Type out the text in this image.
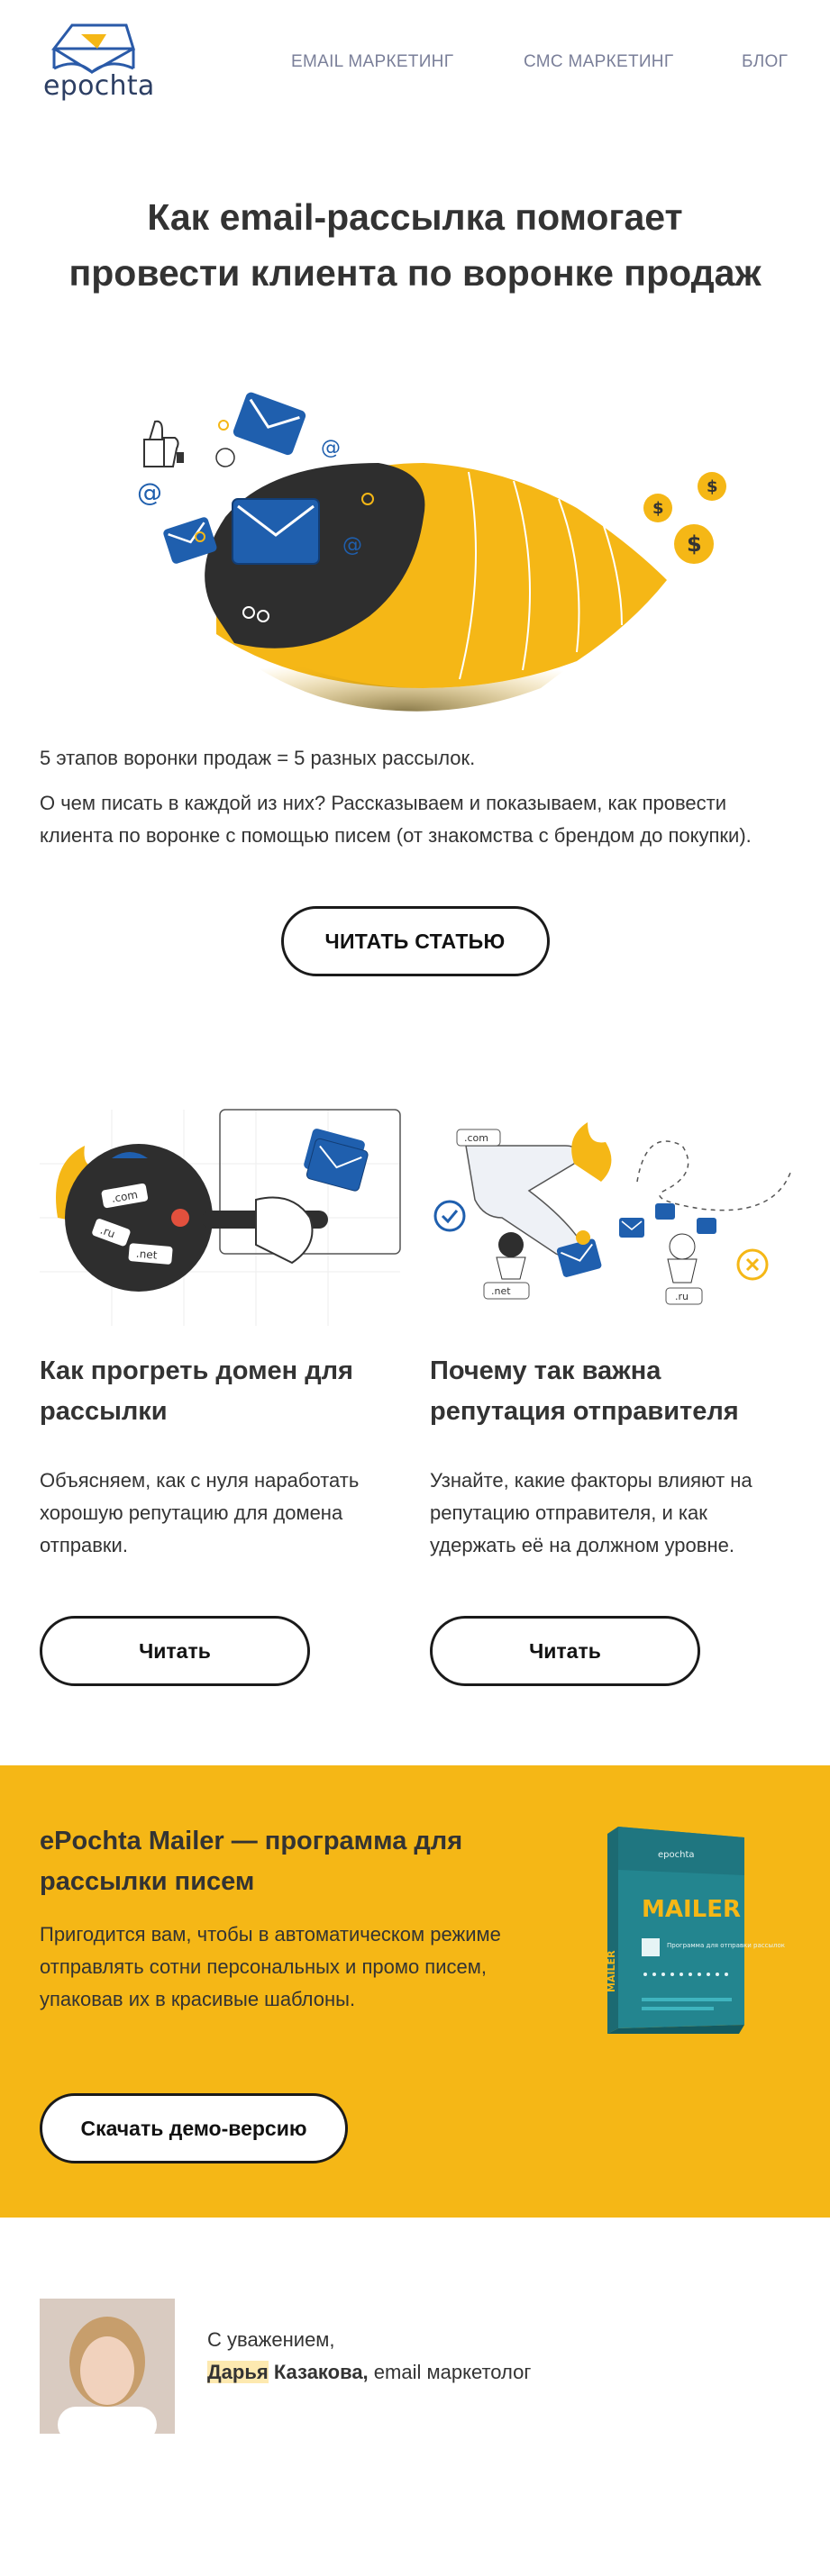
epochta
EMAIL МАРКЕТИНГ	СМС МАРКЕТИНГ	БЛОГ
Как email-рассылка помогает провести клиента по воронке продаж
@
@
@
$
$
$

5 этапов воронки продаж = 5 разных рассылок.

О чем писать в каждой из них? Рассказываем и показываем, как провести клиента по воронке с помощью писем (от знакомства с брендом до покупки).

ЧИТАТЬ СТАТЬЮ
.com
.ru
.net
Как прогреть домен для рассылки

Объясняем, как с нуля наработать хорошую репутацию для домена отправки.

Читать
.com
.net	.ru
Почему так важна репутация отправителя

Узнайте, какие факторы влияют на репутацию отправителя, и как удержать её на должном уровне.

Читать
ePochta Mailer — программа для рассылки писем

Пригодится вам, чтобы в автоматическом режиме отправлять сотни персональных и промо писем, упаковав их в красивые шаблоны.

Скачать демо-версию
epochta
MAILER
MAILER
Программа для отправки рассылок
С уважением,
Дарья Казакова, email маркетолог
